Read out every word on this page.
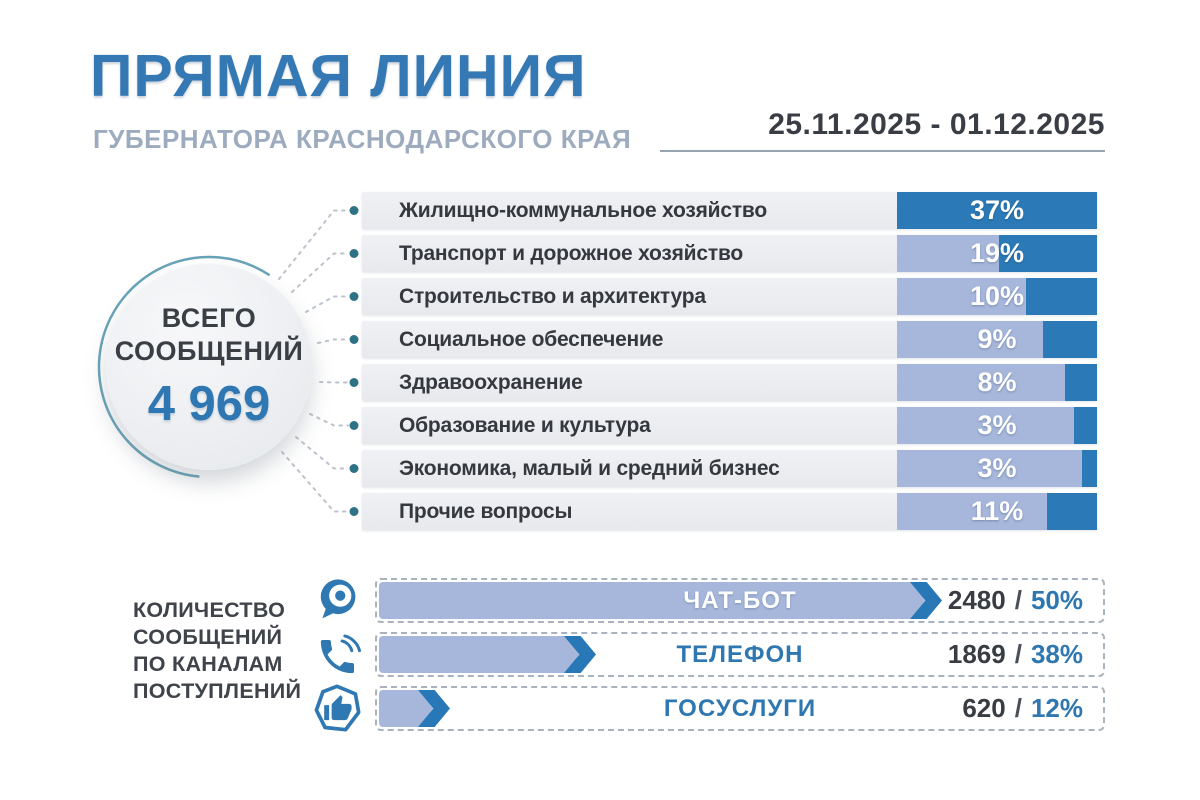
ПРЯМАЯ ЛИНИЯ
ГУБЕРНАТОРА КРАСНОДАРСКОГО КРАЯ	25.11.2025 - 01.12.2025
ВСЕГО
СООБЩЕНИЙ
4 969
Жилищно-коммунальное хозяйство	37%
Транспорт и дорожное хозяйство	19%
Строительство и архитектура	10%
Социальное обеспечение	9%
Здравоохранение	8%
Образование и культура	3%
Экономика, малый и средний бизнес	3%
Прочие вопросы	11%
КОЛИЧЕСТВО
СООБЩЕНИЙ
ПО КАНАЛАМ
ПОСТУПЛЕНИЙ
ЧАТ-БОТ	2480 / 50%
ТЕЛЕФОН	1869 / 38%
ГОСУСЛУГИ	620 / 12%
